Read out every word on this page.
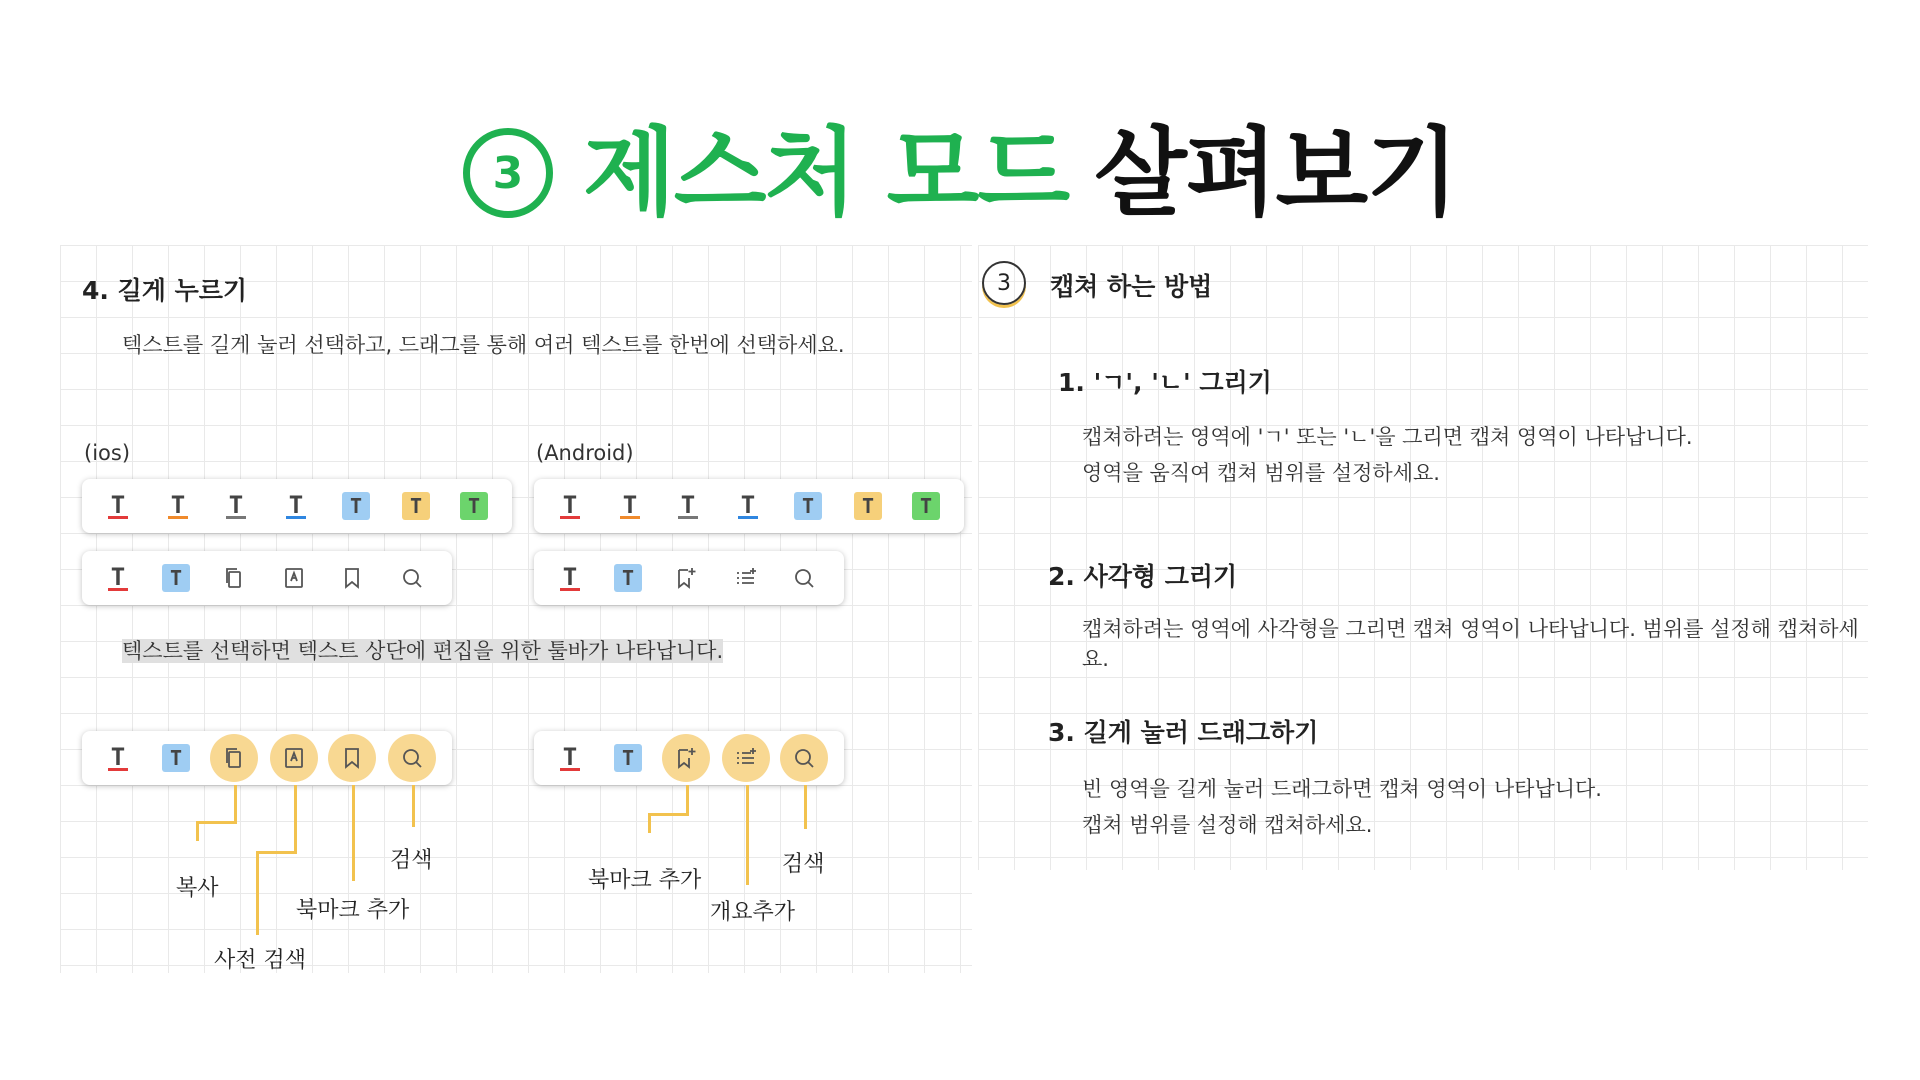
3 제스처 모드 살펴보기
4. 길게 누르기
텍스트를 길게 눌러 선택하고, 드래그를 통해 여러 텍스트를 한번에 선택하세요.
(ios)	(Android)
T T T T	T	T	T	T T T T	T	T	T
T	T	T	T
텍스트를 선택하면 텍스트 상단에 편집을 위한 툴바가 나타납니다.
T	T
복사
사전 검색
북마크 추가
검색
T	T
북마크 추가
개요추가
검색
3	캡쳐 하는 방법
1. 'ㄱ', 'ㄴ' 그리기
캡쳐하려는 영역에 'ㄱ' 또는 'ㄴ'을 그리면 캡쳐 영역이 나타납니다.
영역을 움직여 캡쳐 범위를 설정하세요.
2. 사각형 그리기
캡쳐하려는 영역에 사각형을 그리면 캡쳐 영역이 나타납니다. 범위를 설정해 캡쳐하세요.
3. 길게 눌러 드래그하기
빈 영역을 길게 눌러 드래그하면 캡쳐 영역이 나타납니다.
캡쳐 범위를 설정해 캡쳐하세요.
